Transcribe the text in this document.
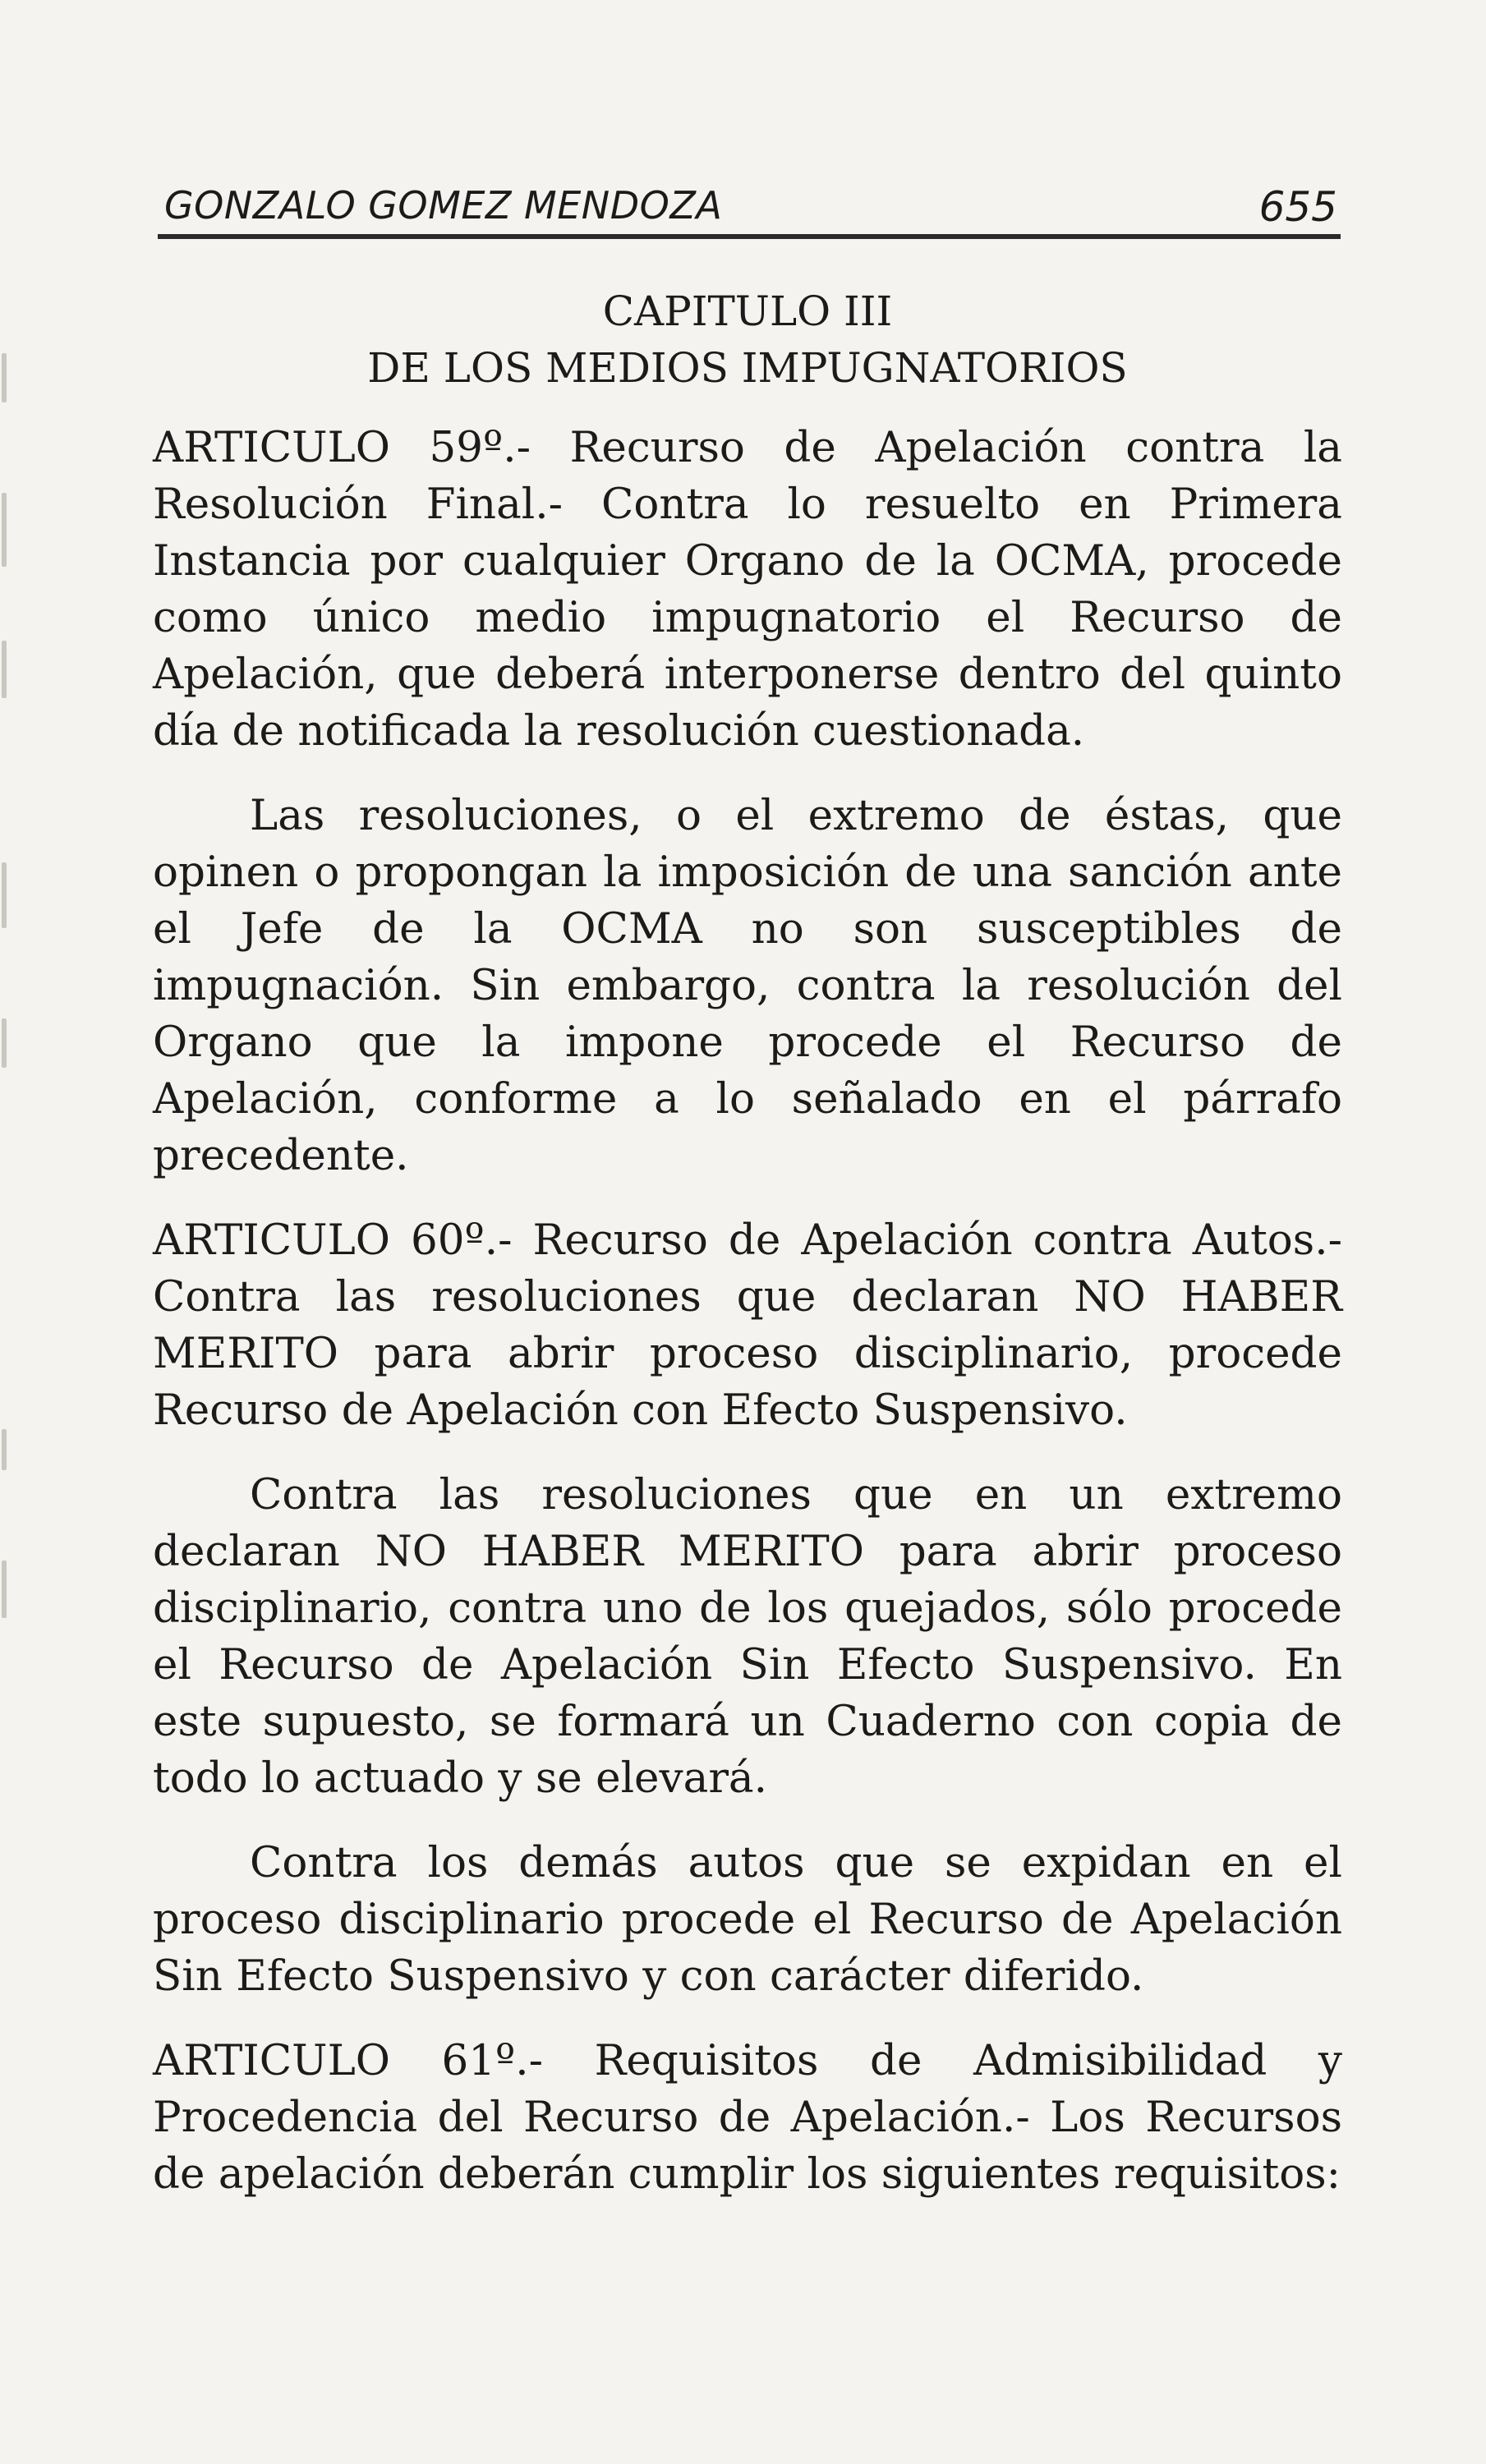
GONZALO GOMEZ MENDOZA	655
CAPITULO III
DE LOS MEDIOS IMPUGNATORIOS

ARTICULO 59º.- Recurso de Apelación contra la Resolución Final.- Contra lo resuelto en Primera Instancia por cualquier Organo de la OCMA, procede como único medio impugnatorio el Recurso de Apelación, que deberá interponerse dentro del quinto día de notificada la resolución cuestionada.

Las resoluciones, o el extremo de éstas, que opinen o propongan la imposición de una sanción ante el Jefe de la OCMA no son susceptibles de impugnación. Sin embargo, contra la resolución del Organo que la impone procede el Recurso de Apelación, conforme a lo señalado en el párrafo precedente.

ARTICULO 60º.- Recurso de Apelación contra Autos.- Contra las resoluciones que declaran NO HABER MERITO para abrir proceso disciplinario, procede Recurso de Apelación con Efecto Suspensivo.

Contra las resoluciones que en un extremo declaran NO HABER MERITO para abrir proceso disciplinario, contra uno de los quejados, sólo procede el Recurso de Apelación Sin Efecto Suspensivo. En este supuesto, se formará un Cuaderno con copia de todo lo actuado y se elevará.

Contra los demás autos que se expidan en el proceso disciplinario procede el Recurso de Apelación Sin Efecto Suspensivo y con carácter diferido.

ARTICULO 61º.- Requisitos de Admisibilidad y Procedencia del Recurso de Apelación.- Los Recursos de apelación deberán cumplir los siguientes requisitos:
